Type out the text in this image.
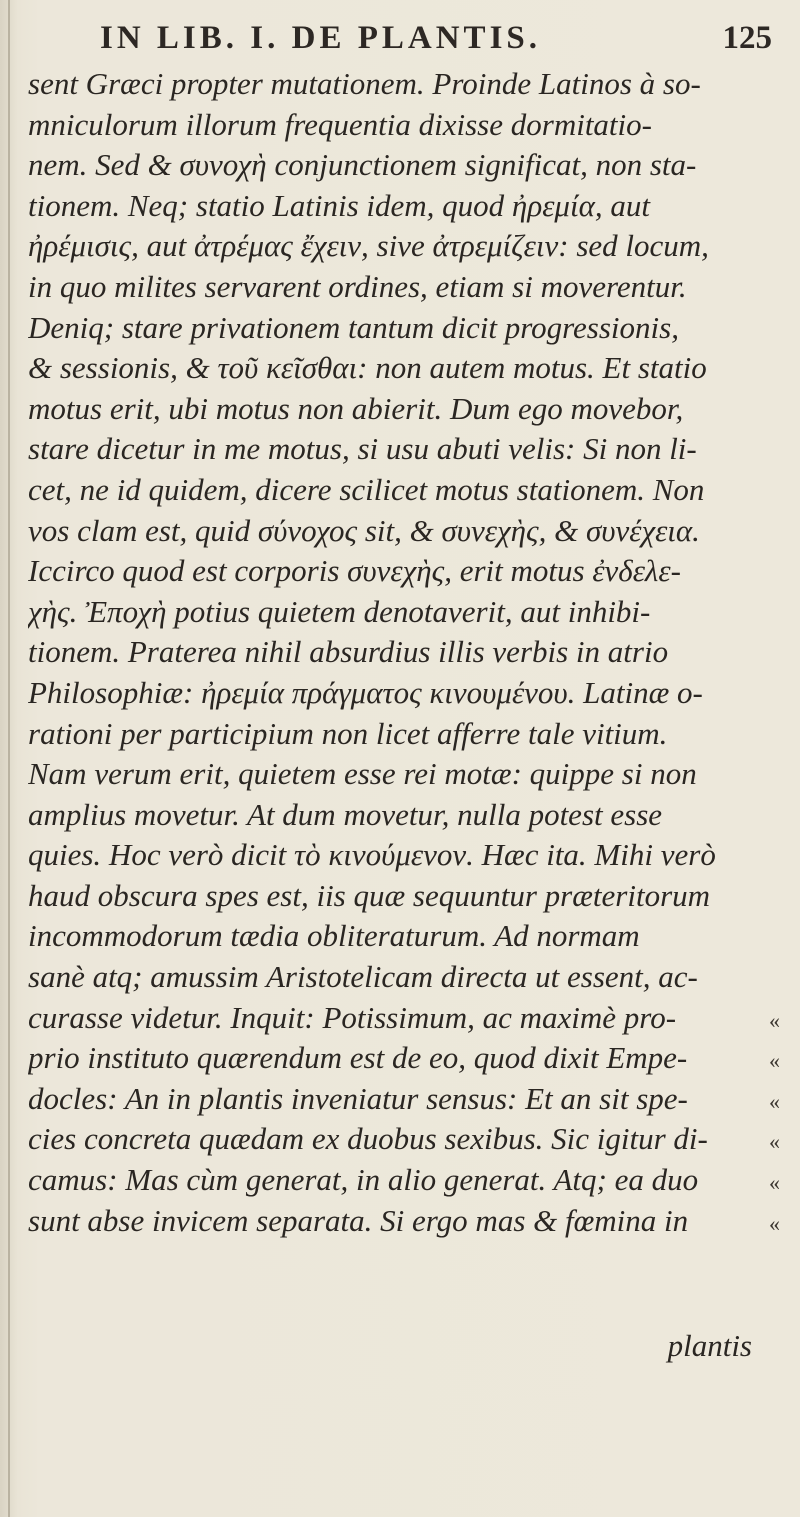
IN LIB. I. DE PLANTIS.	125
sent Græci propter mutationem. Proinde Latinos à so-
mniculorum illorum frequentia dixisse dormitatio-
nem. Sed & συνοχὴ conjunctionem significat, non sta-
tionem. Neq; statio Latinis idem, quod ἠρεμία, aut
ἠρέμισις, aut ἀτρέμας ἔχειν, sive ἀτρεμίζειν: sed locum,
in quo milites servarent ordines, etiam si moverentur.
Deniq; stare privationem tantum dicit progressionis,
& sessionis, & τοῦ κεῖσθαι: non autem motus. Et statio
motus erit, ubi motus non abierit. Dum ego movebor,
stare dicetur in me motus, si usu abuti velis: Si non li-
cet, ne id quidem, dicere scilicet motus stationem. Non
vos clam est, quid σύνοχος sit, & συνεχὴς, & συνέχεια.
Iccirco quod est corporis συνεχὴς, erit motus ἐνδελε-
χὴς. Ἐποχὴ potius quietem denotaverit, aut inhibi-
tionem. Praterea nihil absurdius illis verbis in atrio
Philosophiæ: ἠρεμία πράγματος κινουμένου. Latinæ o-
rationi per participium non licet afferre tale vitium.
Nam verum erit, quietem esse rei motæ: quippe si non
amplius movetur. At dum movetur, nulla potest esse
quies. Hoc verò dicit τὸ κινούμενον. Hæc ita. Mihi verò
haud obscura spes est, iis quæ sequuntur præteritorum
incommodorum tædia obliteraturum. Ad normam
sanè atq; amussim Aristotelicam directa ut essent, ac-
curasse videtur. Inquit: Potissimum, ac maximè pro-	«
prio instituto quærendum est de eo, quod dixit Empe-	«
docles: An in plantis inveniatur sensus: Et an sit spe-	«
cies concreta quædam ex duobus sexibus. Sic igitur di-	«
camus: Mas cùm generat, in alio generat. Atq; ea duo	«
sunt abse invicem separata. Si ergo mas & fœmina in	«
plantis
